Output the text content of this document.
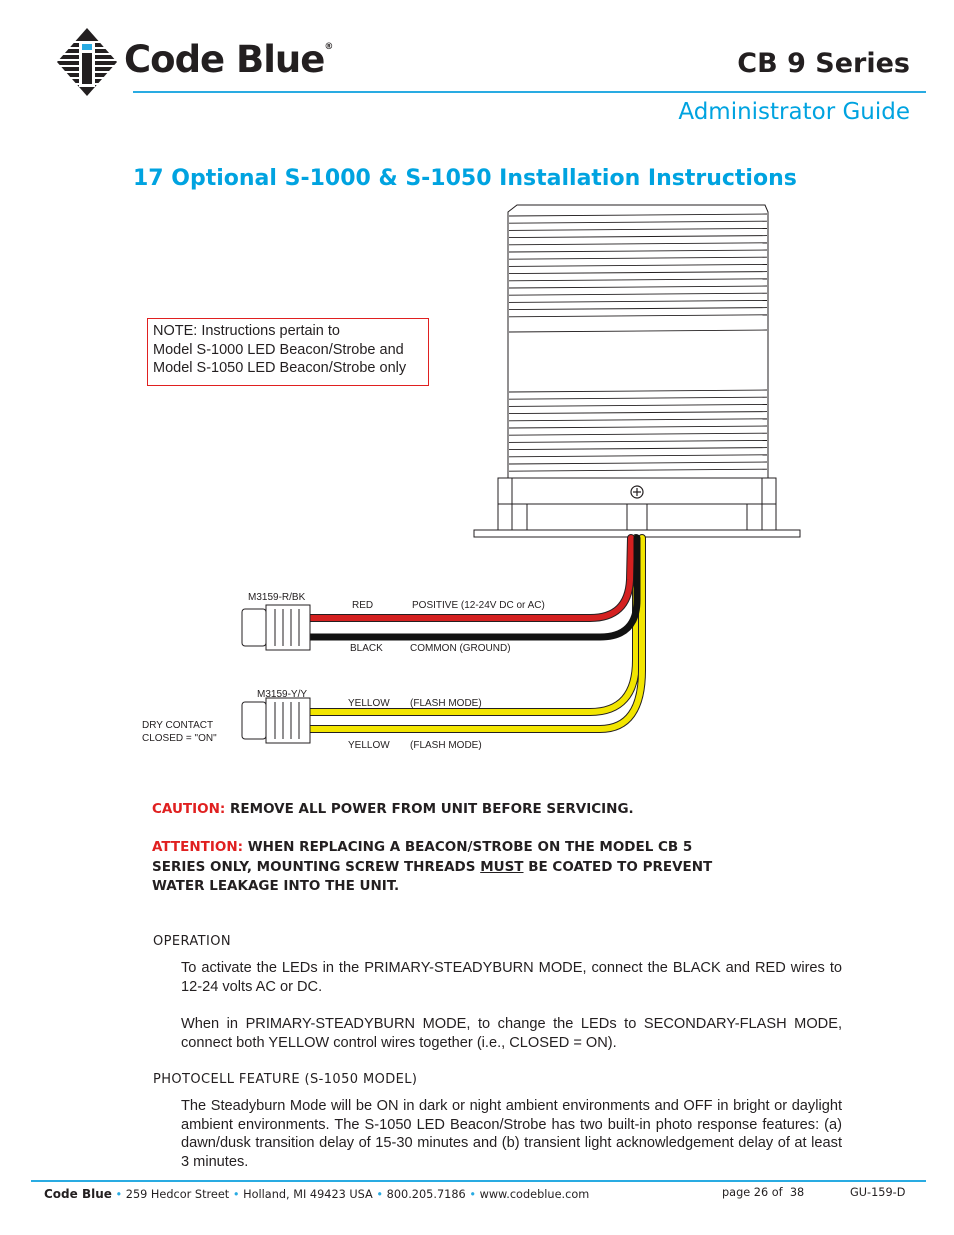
Code Blue®
CB 9 Series
Administrator Guide
17 Optional S-1000 & S-1050 Installation Instructions
NOTE: Instructions pertain to
Model S-1000 LED Beacon/Strobe and
Model S-1050 LED Beacon/Strobe only
M3159-R/BK
RED	POSITIVE (12-24V DC or AC)
BLACK	COMMON (GROUND)
M3159-Y/Y
YELLOW (FLASH MODE)
YELLOW (FLASH MODE)
DRY CONTACT
CLOSED = "ON"
CAUTION: REMOVE ALL POWER FROM UNIT BEFORE SERVICING.
ATTENTION: WHEN REPLACING A BEACON/STROBE ON THE MODEL CB 5
SERIES ONLY, MOUNTING SCREW THREADS MUST BE COATED TO PREVENT
WATER LEAKAGE INTO THE UNIT.
OPERATION
To activate the LEDs in the PRIMARY-STEADYBURN MODE, connect the BLACK and RED wires to 12-24 volts AC or DC.
When in PRIMARY-STEADYBURN MODE, to change the LEDs to SECONDARY-FLASH MODE, connect both YELLOW control wires together (i.e., CLOSED = ON).
PHOTOCELL FEATURE (S-1050 MODEL)
The Steadyburn Mode will be ON in dark or night ambient environments and OFF in bright or daylight ambient environments. The S-1050 LED Beacon/Strobe has two built-in photo response features: (a) dawn/dusk transition delay of 15-30 minutes and (b) transient light acknowledgement delay of at least 3 minutes.
Code Blue • 259 Hedcor Street • Holland, MI 49423 USA • 800.205.7186 • www.codeblue.com	page 26 of  38	GU-159-D
